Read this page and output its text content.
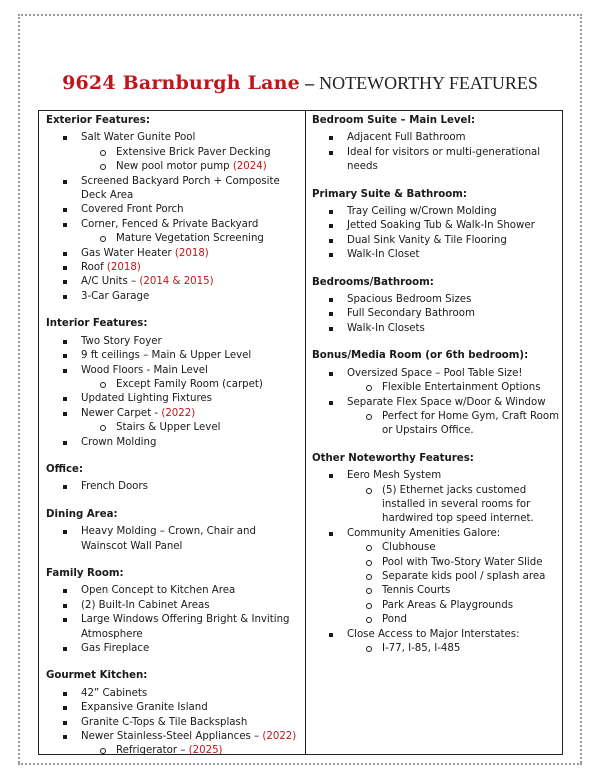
9624 Barnburgh Lane – NOTEWORTHY FEATURES
Exterior Features:
Salt Water Gunite Pool
Extensive Brick Paver Decking
New pool motor pump (2024)
Screened Backyard Porch + Composite Deck Area
Covered Front Porch
Corner, Fenced & Private Backyard
Mature Vegetation Screening
Gas Water Heater (2018)
Roof (2018)
A/C Units – (2014 & 2015)
3-Car Garage
Interior Features:
Two Story Foyer
9 ft ceilings – Main & Upper Level
Wood Floors - Main Level
Except Family Room (carpet)
Updated Lighting Fixtures
Newer Carpet - (2022)
Stairs & Upper Level
Crown Molding
Office:
French Doors
Dining Area:
Heavy Molding – Crown, Chair and Wainscot Wall Panel
Family Room:
Open Concept to Kitchen Area
(2) Built-In Cabinet Areas
Large Windows Offering Bright & Inviting Atmosphere
Gas Fireplace
Gourmet Kitchen:
42” Cabinets
Expansive Granite Island
Granite C-Tops & Tile Backsplash
Newer Stainless-Steel Appliances – (2022)
Refrigerator – (2025)
Bedroom Suite – Main Level:
Adjacent Full Bathroom
Ideal for visitors or multi-generational needs
Primary Suite & Bathroom:
Tray Ceiling w/Crown Molding
Jetted Soaking Tub & Walk-In Shower
Dual Sink Vanity & Tile Flooring
Walk-In Closet
Bedrooms/Bathroom:
Spacious Bedroom Sizes
Full Secondary Bathroom
Walk-In Closets
Bonus/Media Room (or 6th bedroom):
Oversized Space – Pool Table Size!
Flexible Entertainment Options
Separate Flex Space w/Door & Window
Perfect for Home Gym, Craft Room or Upstairs Office.
Other Noteworthy Features:
Eero Mesh System
(5) Ethernet jacks customed installed in several rooms for hardwired top speed internet.
Community Amenities Galore:
Clubhouse
Pool with Two-Story Water Slide
Separate kids pool / splash area
Tennis Courts
Park Areas & Playgrounds
Pond
Close Access to Major Interstates:
I-77, I-85, I-485
